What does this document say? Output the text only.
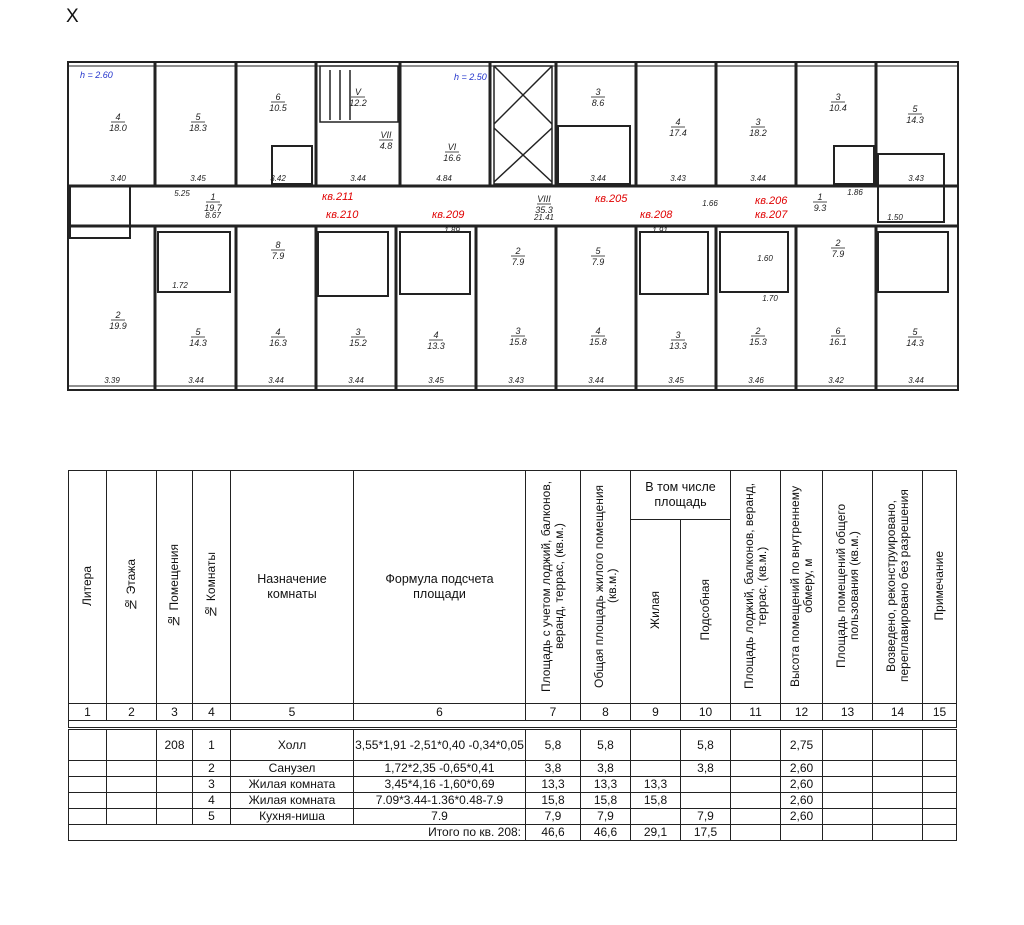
X
h = 2.60	h = 2.50
кв.211
кв.210	кв.209
кв.205
кв.208
кв.206
кв.207
4
18.0
5
18.3
6
10.5
V
12.2
VII
4.8	VI
16.6
3
8.6
4
17.4
3
18.2
3
10.4	5
14.3
1
19.7
VIII
35.3
1
9.3
2
19.9
5
14.3
4
16.3
3
15.2
4
13.3
3
15.8
4
15.8
3
13.3
2
15.3
6
16.1
5
14.3
8
7.9	2
7.9
5
7.9
2
7.9
3.40	3.45	3.42	3.44	3.44	3.43	3.44	3.43
3.39	3.44	3.44	3.44	3.45	3.43	3.44	3.45	3.46	3.42	3.44
5.25
8.67
4.84
21.41
1.66
1.86
1.50
1.72
1.89	1.91
1.60
1.70
Литера	№ Этажа	№ Помещения	№ Комнаты	Назначение комнаты	Формула подсчета площади	Площадь с учетом лоджий, балконов, веранд, террас, (кв.м.)	Общая площадь жилого помещения (кв.м.)	В том числе площадь		Площадь лоджий, балконов, веранд, террас, (кв.м.)	Высота помещений по внутреннему обмеру, м	Площадь помещений общего пользования (кв.м.)	Возведено, реконструировано, переплавировано без разрешения	Примечание
								Жилая	Подсобная					
1	2	3	4	5	6	7	8	9	10	11	12	13	14	15

		208	1	Холл	3,55*1,91 -2,51*0,40 -0,34*0,05	5,8	5,8		5,8		2,75			
			2	Санузел	1,72*2,35 -0,65*0,41	3,8	3,8		3,8		2,60			
			3	Жилая комната	3,45*4,16 -1,60*0,69	13,3	13,3	13,3			2,60			
			4	Жилая комната	7.09*3.44-1.36*0.48-7.9	15,8	15,8	15,8			2,60			
			5	Кухня-ниша	7.9	7,9	7,9		7,9		2,60			
Итого по кв. 208:						46,6	46,6	29,1	17,5					
